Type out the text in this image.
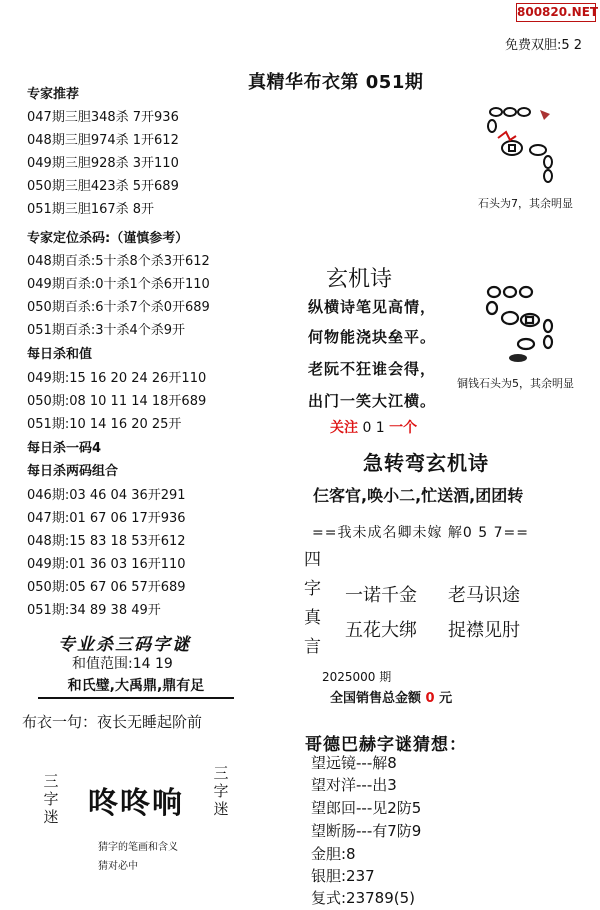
800820.NET
免费双胆:5 2
真精华布衣第 051期
专家推荐
047期三胆348杀 7开936
048期三胆974杀 1开612
049期三胆928杀 3开110
050期三胆423杀 5开689
051期三胆167杀 8开
专家定位杀码:（谨慎参考）
048期百杀:5十杀8个杀3开612
049期百杀:0十杀1个杀6开110
050期百杀:6十杀7个杀0开689
051期百杀:3十杀4个杀9开
每日杀和值
049期:15 16 20 24 26开110
050期:08 10 11 14 18开689
051期:10 14 16 20 25开
每日杀一码4
每日杀两码组合
046期:03 46 04 36开291
047期:01 67 06 17开936
048期:15 83 18 53开612
049期:01 36 03 16开110
050期:05 67 06 57开689
051期:34 89 38 49开
专业杀三码字谜
和值范围:14 19
和氏璧,大禹鼎,鼎有足
布衣一句：夜长无睡起阶前
三字迷 咚咚响
三字迷
猜字的笔画和含义
猜对必中
石头为7，其余明显
玄机诗
纵横诗笔见高情，
何物能浇块垒平。
老阮不狂谁会得，
出门一笑大江横。
关注 0 1 一个
铜钱石头为5，其余明显
急转弯玄机诗
仨客官,唤小二,忙送酒,团团转
==我未成名卿未嫁 解0 5 7==
四字真言
一诺千金 老马识途
五花大绑 捉襟见肘
2025000 期
全国销售总金额 0 元
哥德巴赫字谜猜想：
望远镜---解8
望对洋---出3
望郎回---见2防5
望断肠---有7防9
金胆:8
银胆:237
复式:23789(5)
